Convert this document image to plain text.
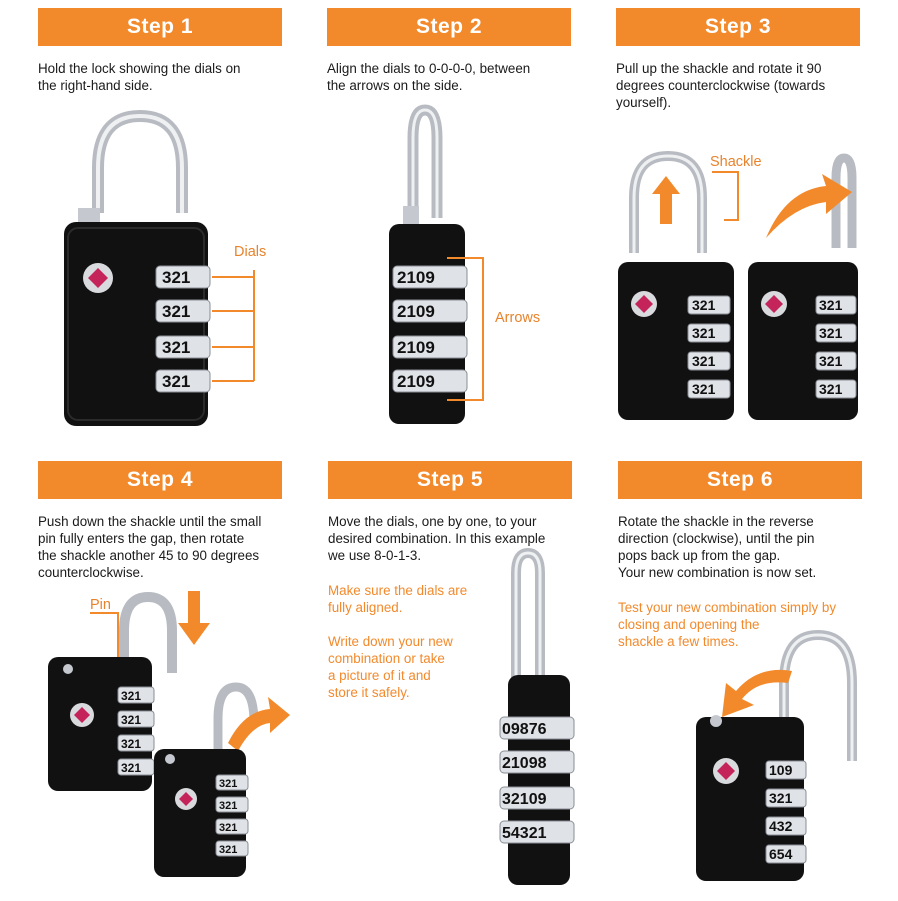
Step 1

Hold the lock showing the dials on
the right-hand side.

Dials
321
321
321
321
Step 2

Align the dials to 0-0-0-0, between
the arrows on the side.

Arrows
2109
2109
2109
2109
Step 3

Pull up the shackle and rotate it 90
degrees counterclockwise (towards
yourself).

Shackle
321
321
321
321
321
321
321
321
Step 4

Push down the shackle until the small
pin fully enters the gap, then rotate
the shackle another 45 to 90 degrees
counterclockwise.

Pin
321
321
321
321
321
321
321
321
Step 5

Move the dials, one by one, to your
desired combination. In this example
we use 8-0-1-3.

Make sure the dials are
fully aligned.

Write down your new
combination or take
a picture of it and
store it safely.

09876
21098
32109
54321
Step 6

Rotate the shackle in the reverse
direction (clockwise), until the pin
pops back up from the gap.
Your new combination is now set.

Test your new combination simply by
closing and opening the
shackle a few times.

109
321
432
654
